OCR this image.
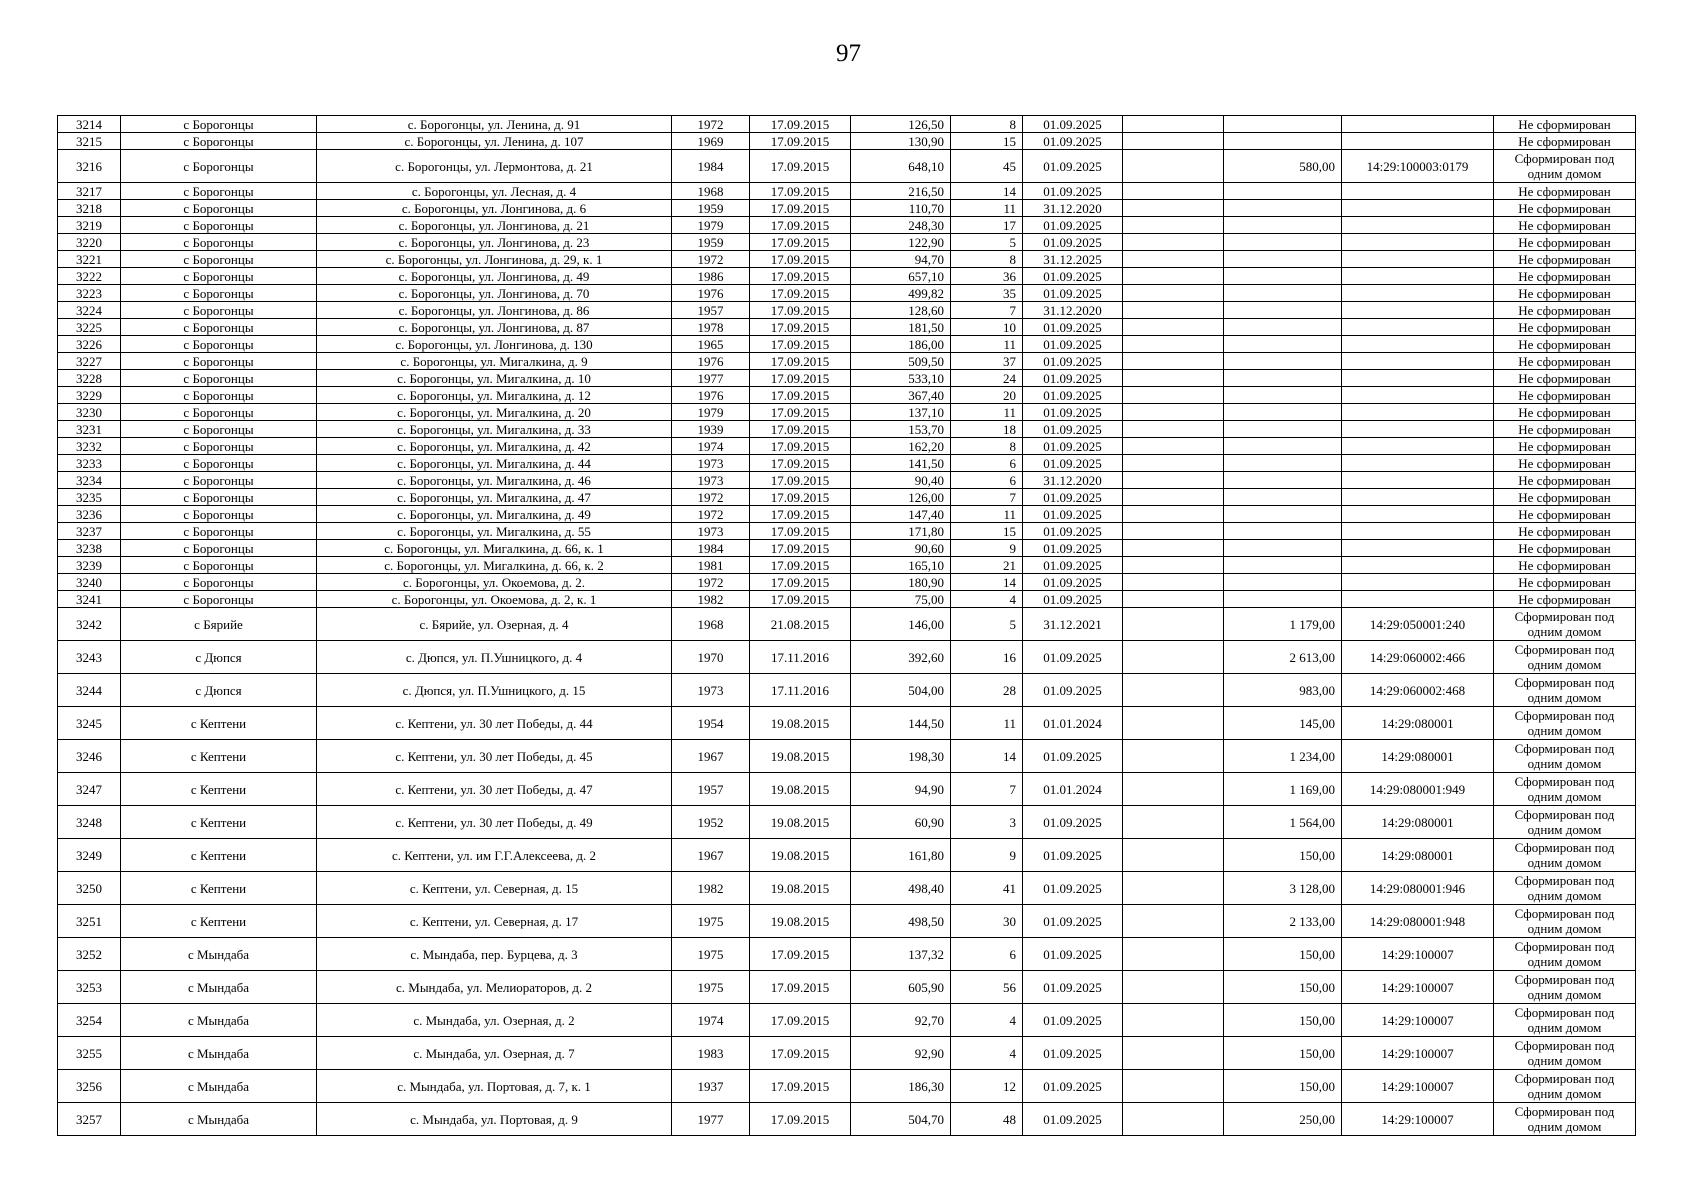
97
3214	с Борогонцы	с. Борогонцы, ул. Ленина, д. 91	1972	17.09.2015	126,50	8	01.09.2025				Не сформирован
3215	с Борогонцы	с. Борогонцы, ул. Ленина, д. 107	1969	17.09.2015	130,90	15	01.09.2025				Не сформирован
3216	с Борогонцы	с. Борогонцы, ул. Лермонтова, д. 21	1984	17.09.2015	648,10	45	01.09.2025		580,00	14:29:100003:0179	Сформирован под одним домом
3217	с Борогонцы	с. Борогонцы, ул. Лесная, д. 4	1968	17.09.2015	216,50	14	01.09.2025				Не сформирован
3218	с Борогонцы	с. Борогонцы, ул. Лонгинова, д. 6	1959	17.09.2015	110,70	11	31.12.2020				Не сформирован
3219	с Борогонцы	с. Борогонцы, ул. Лонгинова, д. 21	1979	17.09.2015	248,30	17	01.09.2025				Не сформирован
3220	с Борогонцы	с. Борогонцы, ул. Лонгинова, д. 23	1959	17.09.2015	122,90	5	01.09.2025				Не сформирован
3221	с Борогонцы	с. Борогонцы, ул. Лонгинова, д. 29, к. 1	1972	17.09.2015	94,70	8	31.12.2025				Не сформирован
3222	с Борогонцы	с. Борогонцы, ул. Лонгинова, д. 49	1986	17.09.2015	657,10	36	01.09.2025				Не сформирован
3223	с Борогонцы	с. Борогонцы, ул. Лонгинова, д. 70	1976	17.09.2015	499,82	35	01.09.2025				Не сформирован
3224	с Борогонцы	с. Борогонцы, ул. Лонгинова, д. 86	1957	17.09.2015	128,60	7	31.12.2020				Не сформирован
3225	с Борогонцы	с. Борогонцы, ул. Лонгинова, д. 87	1978	17.09.2015	181,50	10	01.09.2025				Не сформирован
3226	с Борогонцы	с. Борогонцы, ул. Лонгинова, д. 130	1965	17.09.2015	186,00	11	01.09.2025				Не сформирован
3227	с Борогонцы	с. Борогонцы, ул. Мигалкина, д. 9	1976	17.09.2015	509,50	37	01.09.2025				Не сформирован
3228	с Борогонцы	с. Борогонцы, ул. Мигалкина, д. 10	1977	17.09.2015	533,10	24	01.09.2025				Не сформирован
3229	с Борогонцы	с. Борогонцы, ул. Мигалкина, д. 12	1976	17.09.2015	367,40	20	01.09.2025				Не сформирован
3230	с Борогонцы	с. Борогонцы, ул. Мигалкина, д. 20	1979	17.09.2015	137,10	11	01.09.2025				Не сформирован
3231	с Борогонцы	с. Борогонцы, ул. Мигалкина, д. 33	1939	17.09.2015	153,70	18	01.09.2025				Не сформирован
3232	с Борогонцы	с. Борогонцы, ул. Мигалкина, д. 42	1974	17.09.2015	162,20	8	01.09.2025				Не сформирован
3233	с Борогонцы	с. Борогонцы, ул. Мигалкина, д. 44	1973	17.09.2015	141,50	6	01.09.2025				Не сформирован
3234	с Борогонцы	с. Борогонцы, ул. Мигалкина, д. 46	1973	17.09.2015	90,40	6	31.12.2020				Не сформирован
3235	с Борогонцы	с. Борогонцы, ул. Мигалкина, д. 47	1972	17.09.2015	126,00	7	01.09.2025				Не сформирован
3236	с Борогонцы	с. Борогонцы, ул. Мигалкина, д. 49	1972	17.09.2015	147,40	11	01.09.2025				Не сформирован
3237	с Борогонцы	с. Борогонцы, ул. Мигалкина, д. 55	1973	17.09.2015	171,80	15	01.09.2025				Не сформирован
3238	с Борогонцы	с. Борогонцы, ул. Мигалкина, д. 66, к. 1	1984	17.09.2015	90,60	9	01.09.2025				Не сформирован
3239	с Борогонцы	с. Борогонцы, ул. Мигалкина, д. 66, к. 2	1981	17.09.2015	165,10	21	01.09.2025				Не сформирован
3240	с Борогонцы	с. Борогонцы, ул. Окоемова, д. 2.	1972	17.09.2015	180,90	14	01.09.2025				Не сформирован
3241	с Борогонцы	с. Борогонцы, ул. Окоемова, д. 2, к. 1	1982	17.09.2015	75,00	4	01.09.2025				Не сформирован
3242	с Бярийе	с. Бярийе, ул. Озерная, д. 4	1968	21.08.2015	146,00	5	31.12.2021		1 179,00	14:29:050001:240	Сформирован под одним домом
3243	с Дюпся	с. Дюпся, ул. П.Ушницкого, д. 4	1970	17.11.2016	392,60	16	01.09.2025		2 613,00	14:29:060002:466	Сформирован под одним домом
3244	с Дюпся	с. Дюпся, ул. П.Ушницкого, д. 15	1973	17.11.2016	504,00	28	01.09.2025		983,00	14:29:060002:468	Сформирован под одним домом
3245	с Кептени	с. Кептени, ул. 30 лет Победы, д. 44	1954	19.08.2015	144,50	11	01.01.2024		145,00	14:29:080001	Сформирован под одним домом
3246	с Кептени	с. Кептени, ул. 30 лет Победы, д. 45	1967	19.08.2015	198,30	14	01.09.2025		1 234,00	14:29:080001	Сформирован под одним домом
3247	с Кептени	с. Кептени, ул. 30 лет Победы, д. 47	1957	19.08.2015	94,90	7	01.01.2024		1 169,00	14:29:080001:949	Сформирован под одним домом
3248	с Кептени	с. Кептени, ул. 30 лет Победы, д. 49	1952	19.08.2015	60,90	3	01.09.2025		1 564,00	14:29:080001	Сформирован под одним домом
3249	с Кептени	с. Кептени, ул. им Г.Г.Алексеева, д. 2	1967	19.08.2015	161,80	9	01.09.2025		150,00	14:29:080001	Сформирован под одним домом
3250	с Кептени	с. Кептени, ул. Северная, д. 15	1982	19.08.2015	498,40	41	01.09.2025		3 128,00	14:29:080001:946	Сформирован под одним домом
3251	с Кептени	с. Кептени, ул. Северная, д. 17	1975	19.08.2015	498,50	30	01.09.2025		2 133,00	14:29:080001:948	Сформирован под одним домом
3252	с Мындаба	с. Мындаба, пер. Бурцева, д. 3	1975	17.09.2015	137,32	6	01.09.2025		150,00	14:29:100007	Сформирован под одним домом
3253	с Мындаба	с. Мындаба, ул. Мелиораторов, д. 2	1975	17.09.2015	605,90	56	01.09.2025		150,00	14:29:100007	Сформирован под одним домом
3254	с Мындаба	с. Мындаба, ул. Озерная, д. 2	1974	17.09.2015	92,70	4	01.09.2025		150,00	14:29:100007	Сформирован под одним домом
3255	с Мындаба	с. Мындаба, ул. Озерная, д. 7	1983	17.09.2015	92,90	4	01.09.2025		150,00	14:29:100007	Сформирован под одним домом
3256	с Мындаба	с. Мындаба, ул. Портовая, д. 7, к. 1	1937	17.09.2015	186,30	12	01.09.2025		150,00	14:29:100007	Сформирован под одним домом
3257	с Мындаба	с. Мындаба, ул. Портовая, д. 9	1977	17.09.2015	504,70	48	01.09.2025		250,00	14:29:100007	Сформирован под одним домом
